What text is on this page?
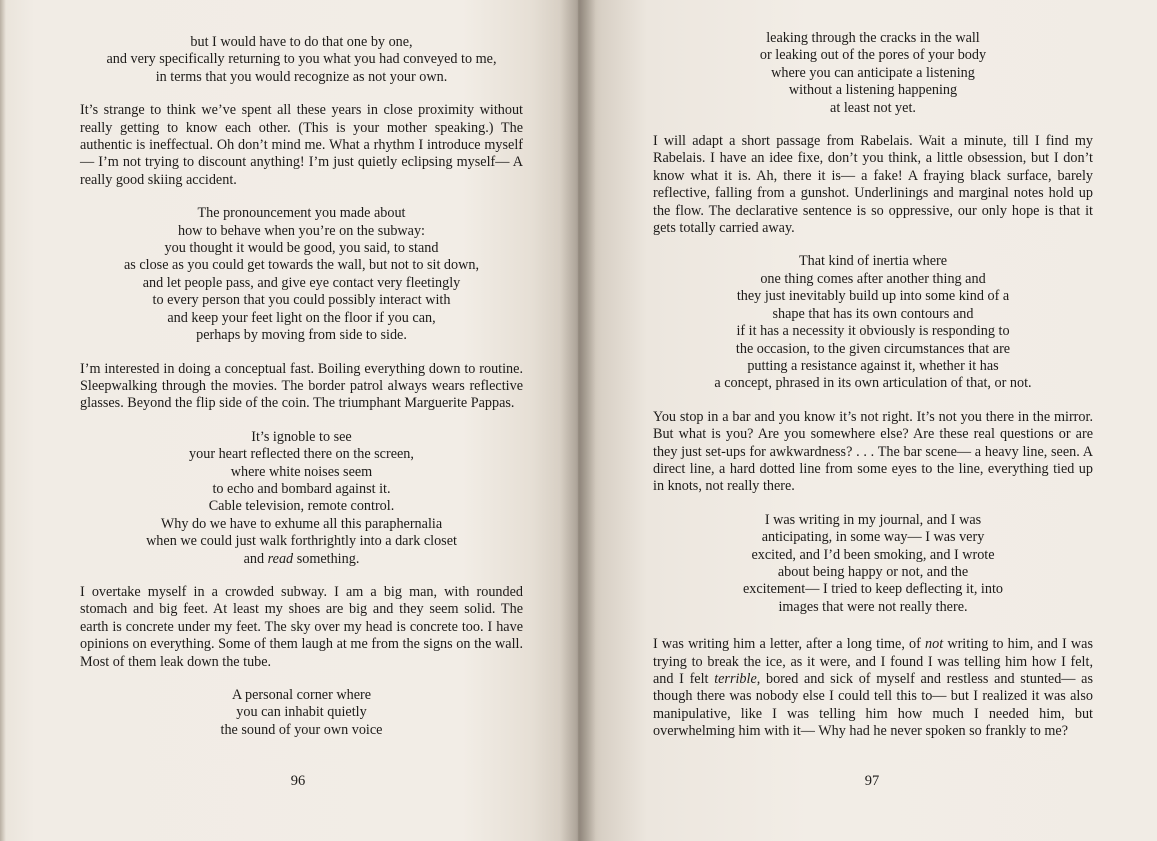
but I would have to do that one by one,
and very specifically returning to you what you had conveyed to me,
in terms that you would recognize as not your own.

It’s strange to think we’ve spent all these years in close proximity without really getting to know each other. (This is your mother speaking.) The authentic is ineffectual. Oh don’t mind me. What a rhythm I introduce myself— I’m not trying to discount anything! I’m just quietly eclipsing myself— A really good skiing accident.

The pronouncement you made about
how to behave when you’re on the subway:
you thought it would be good, you said, to stand
as close as you could get towards the wall, but not to sit down,
and let people pass, and give eye contact very fleetingly
to every person that you could possibly interact with
and keep your feet light on the floor if you can,
perhaps by moving from side to side.

I’m interested in doing a conceptual fast. Boiling everything down to routine. Sleepwalking through the movies. The border patrol always wears reflective glasses. Beyond the flip side of the coin. The triumphant Marguerite Pappas.

It’s ignoble to see
your heart reflected there on the screen,
where white noises seem
to echo and bombard against it.
Cable television, remote control.
Why do we have to exhume all this paraphernalia
when we could just walk forthrightly into a dark closet
and read something.

I overtake myself in a crowded subway. I am a big man, with rounded stomach and big feet. At least my shoes are big and they seem solid. The earth is concrete under my feet. The sky over my head is concrete too. I have opinions on everything. Some of them laugh at me from the signs on the wall. Most of them leak down the tube.

A personal corner where
you can inhabit quietly
the sound of your own voice
96
leaking through the cracks in the wall
or leaking out of the pores of your body
where you can anticipate a listening
without a listening happening
at least not yet.

I will adapt a short passage from Rabelais. Wait a minute, till I find my Rabelais. I have an idee fixe, don’t you think, a little obsession, but I don’t know what it is. Ah, there it is— a fake! A fraying black surface, barely reflective, falling from a gunshot. Underlinings and marginal notes hold up the flow. The declarative sentence is so oppressive, our only hope is that it gets totally carried away.

That kind of inertia where
one thing comes after another thing and
they just inevitably build up into some kind of a
shape that has its own contours and
if it has a necessity it obviously is responding to
the occasion, to the given circumstances that are
putting a resistance against it, whether it has
a concept, phrased in its own articulation of that, or not.

You stop in a bar and you know it’s not right. It’s not you there in the mirror. But what is you? Are you somewhere else? Are these real questions or are they just set-ups for awkwardness? . . . The bar scene— a heavy line, seen. A direct line, a hard dotted line from some eyes to the line, everything tied up in knots, not really there.

I was writing in my journal, and I was
anticipating, in some way— I was very
excited, and I’d been smoking, and I wrote
about being happy or not, and the
excitement— I tried to keep deflecting it, into
images that were not really there.

I was writing him a letter, after a long time, of not writing to him, and I was trying to break the ice, as it were, and I found I was telling him how I felt, and I felt terrible, bored and sick of myself and restless and stunted— as though there was nobody else I could tell this to— but I realized it was also manipulative, like I was telling him how much I needed him, but overwhelming him with it— Why had he never spoken so frankly to me?

97
